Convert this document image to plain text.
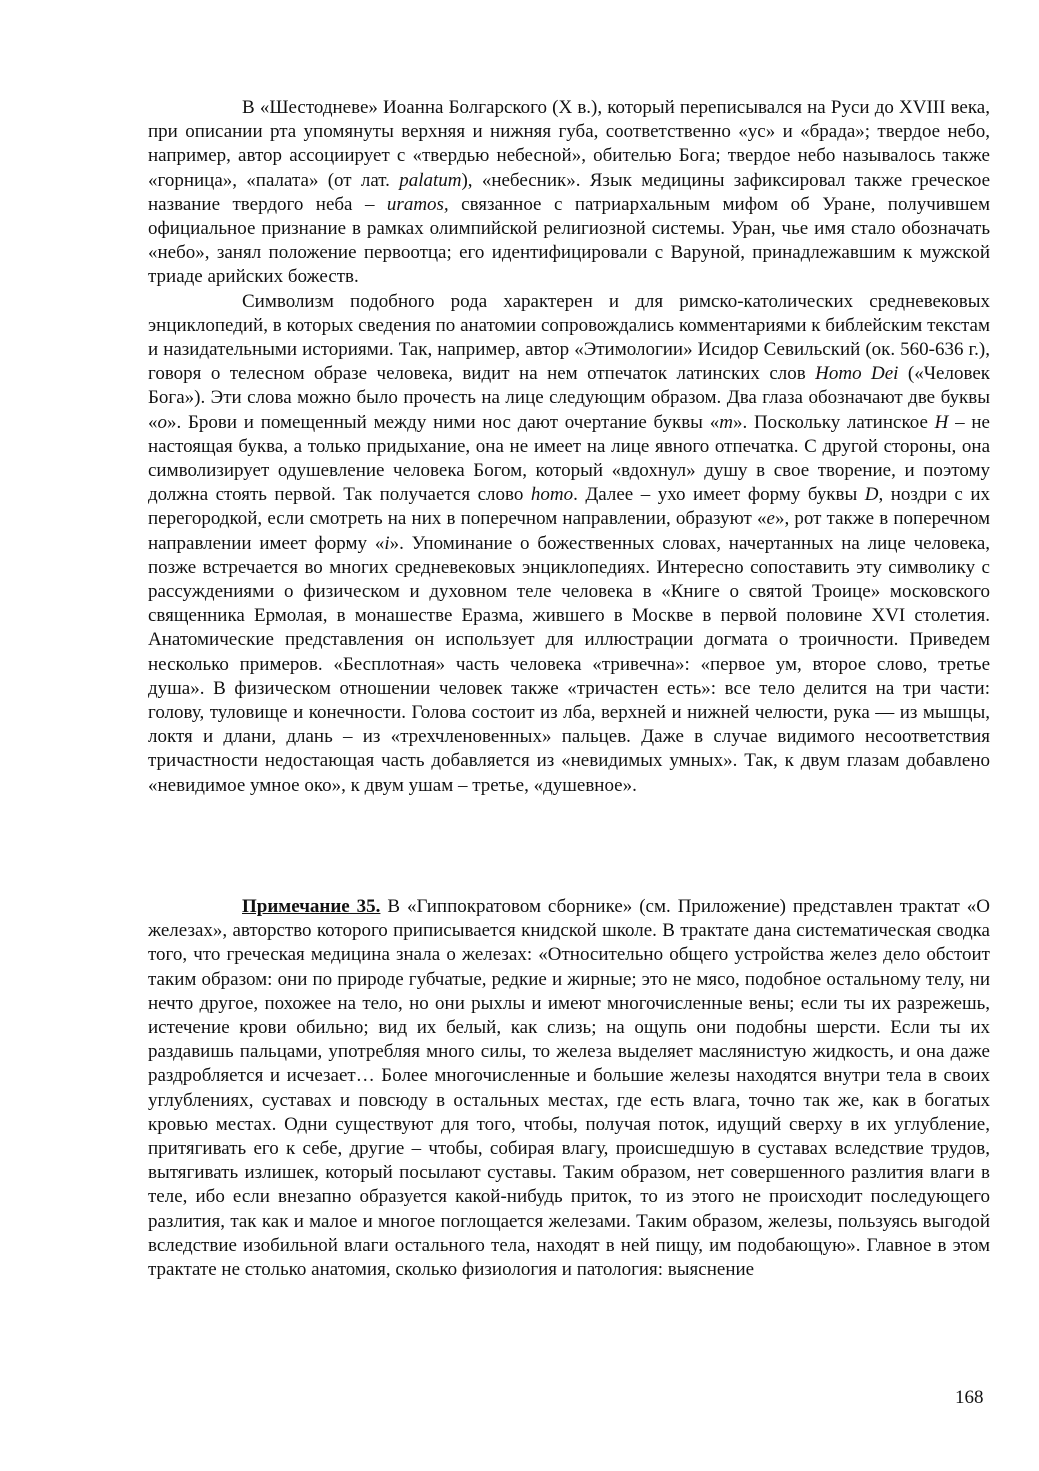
В «Шестодневе» Иоанна Болгарского (X в.), который переписывался на Руси до XVIII века, при описании рта упомянуты верхняя и нижняя губа, соответственно «ус» и «брада»; твердое небо, например, автор ассоциирует с «твердью небесной», обителью Бога; твердое небо называлось также «горница», «палата» (от лат. palatum), «небесник». Язык медицины зафиксировал также греческое название твердого неба – uramos, связанное с патриархальным мифом об Уране, получившем официальное признание в рамках олимпийской религиозной системы. Уран, чье имя стало обозначать «небо», занял положение первоотца; его идентифицировали с Варуной, принадлежавшим к мужской триаде арийских божеств.

Символизм подобного рода характерен и для римско-католических средневековых энциклопедий, в которых сведения по анатомии сопровождались комментариями к библейским текстам и назидательными историями. Так, например, автор «Этимологии» Исидор Севильский (ок. 560-636 г.), говоря о телесном образе человека, видит на нем отпечаток латинских слов Homo Dei («Человек Бога»). Эти слова можно было прочесть на лице следующим образом. Два глаза обозначают две буквы «o». Брови и помещенный между ними нос дают очертание буквы «m». Поскольку латинское H – не настоящая буква, а только придыхание, она не имеет на лице явного отпечатка. С другой стороны, она символизирует одушевление человека Богом, который «вдохнул» душу в свое творение, и поэтому должна стоять первой. Так получается слово homo. Далее – ухо имеет форму буквы D, ноздри с их перегородкой, если смотреть на них в поперечном направлении, образуют «e», рот также в поперечном направлении имеет форму «i». Упоминание о божественных словах, начертанных на лице человека, позже встречается во многих средневековых энциклопедиях. Интересно сопоставить эту символику с рассуждениями о физическом и духовном теле человека в «Книге о святой Троице» московского священника Ермолая, в монашестве Еразма, жившего в Москве в первой половине XVI столетия. Анатомические представления он использует для иллюстрации догмата о троичности. Приведем несколько примеров. «Бесплотная» часть человека «тривечна»: «первое ум, второе слово, третье душа». В физическом отношении человек также «тричастен есть»: все тело делится на три части: голову, туловище и конечности. Голова состоит из лба, верхней и нижней челюсти, рука — из мышцы, локтя и длани, длань – из «трехчленовенных» пальцев. Даже в случае видимого несоответствия тричастности недостающая часть добавляется из «невидимых умных». Так, к двум глазам добавлено «невидимое умное око», к двум ушам – третье, «душевное».

Примечание 35. В «Гиппократовом сборнике» (см. Приложение) представлен трактат «О железах», авторство которого приписывается книдской школе. В трактате дана систематическая сводка того, что греческая медицина знала о железах: «Относительно общего устройства желез дело обстоит таким образом: они по природе губчатые, редкие и жирные; это не мясо, подобное остальному телу, ни нечто другое, похожее на тело, но они рыхлы и имеют многочисленные вены; если ты их разрежешь, истечение крови обильно; вид их белый, как слизь; на ощупь они подобны шерсти. Если ты их раздавишь пальцами, употребляя много силы, то железа выделяет маслянистую жидкость, и она даже раздробляется и исчезает… Более многочисленные и большие железы находятся внутри тела в своих углублениях, суставах и повсюду в остальных местах, где есть влага, точно так же, как в богатых кровью местах. Одни существуют для того, чтобы, получая поток, идущий сверху в их углубление, притягивать его к себе, другие – чтобы, собирая влагу, происшедшую в суставах вследствие трудов, вытягивать излишек, который посылают суставы. Таким образом, нет совершенного разлития влаги в теле, ибо если внезапно образуется какой-нибудь приток, то из этого не происходит последующего разлития, так как и малое и многое поглощается железами. Таким образом, железы, пользуясь выгодой вследствие изобильной влаги остального тела, находят в ней пищу, им подобающую». Главное в этом трактате не столько анатомия, сколько физиология и патология: выяснение

168
